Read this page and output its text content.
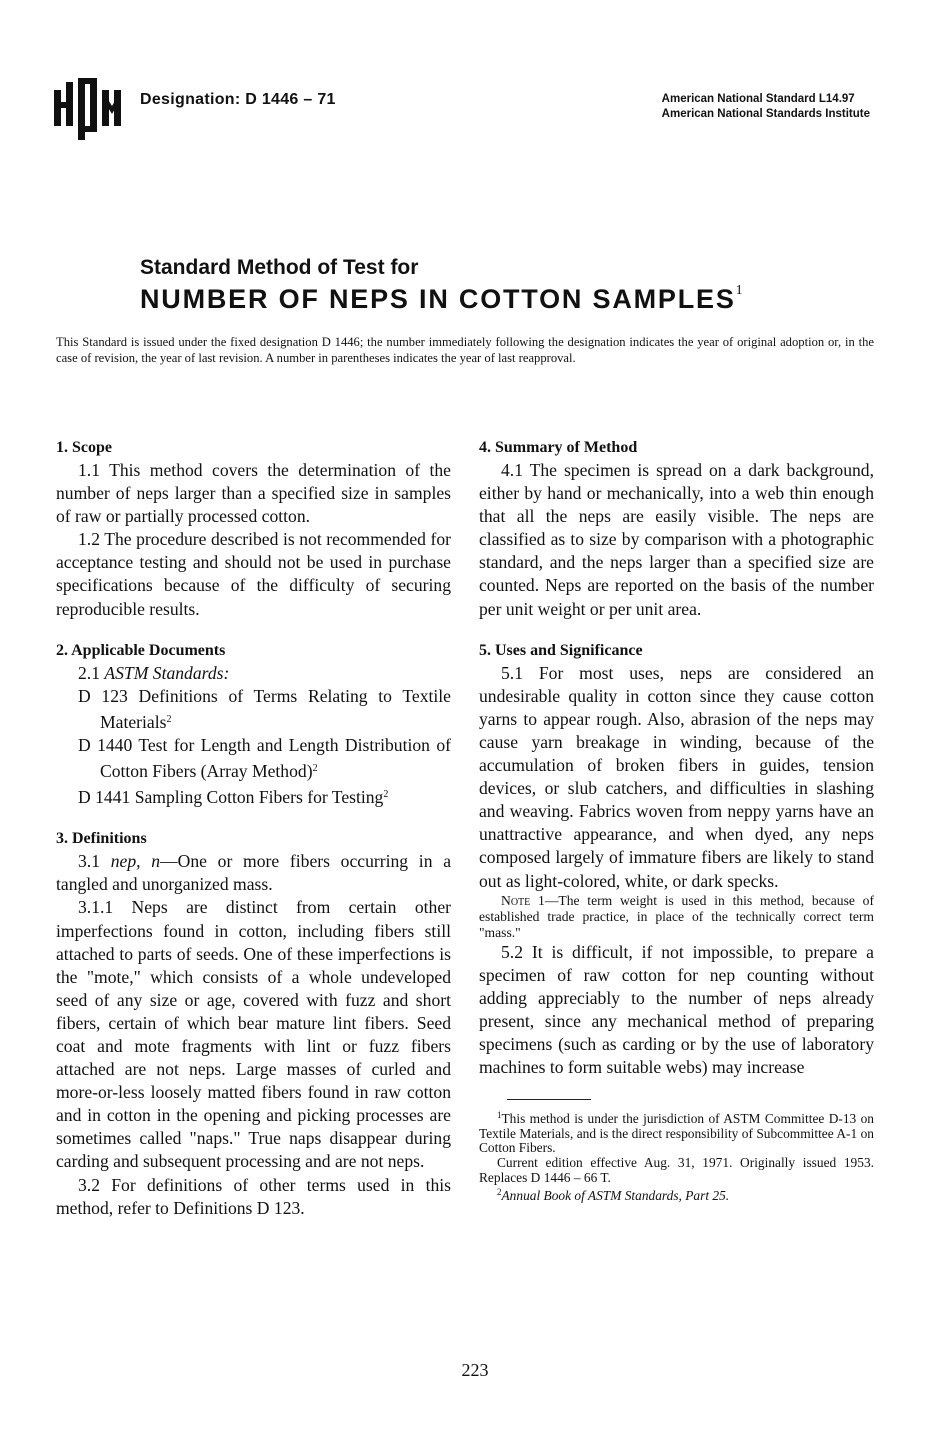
Designation: D 1446 – 71	American National Standard L14.97
American National Standards Institute
Standard Method of Test for
NUMBER OF NEPS IN COTTON SAMPLES$^1$
This Standard is issued under the fixed designation D 1446; the number immediately following the designation indicates the year of original adoption or, in the case of revision, the year of last revision. A number in parentheses indicates the year of last reapproval.
1. Scope

1.1 This method covers the determination of the number of neps larger than a specified size in samples of raw or partially processed cotton.

1.2 The procedure described is not recommended for acceptance testing and should not be used in purchase specifications because of the difficulty of securing reproducible results.

2. Applicable Documents

2.1 ASTM Standards:

D 123 Definitions of Terms Relating to Textile Materials$^2$

D 1440 Test for Length and Length Distribution of Cotton Fibers (Array Method)$^2$

D 1441 Sampling Cotton Fibers for Testing$^2$

3. Definitions

3.1 nep, n—One or more fibers occurring in a tangled and unorganized mass.

3.1.1 Neps are distinct from certain other imperfections found in cotton, including fibers still attached to parts of seeds. One of these imperfections is the "mote," which consists of a whole undeveloped seed of any size or age, covered with fuzz and short fibers, certain of which bear mature lint fibers. Seed coat and mote fragments with lint or fuzz fibers attached are not neps. Large masses of curled and more-or-less loosely matted fibers found in raw cotton and in cotton in the opening and picking processes are sometimes called "naps." True naps disappear during carding and subsequent processing and are not neps.

3.2 For definitions of other terms used in this method, refer to Definitions D 123.

4. Summary of Method

4.1 The specimen is spread on a dark background, either by hand or mechanically, into a web thin enough that all the neps are easily visible. The neps are classified as to size by comparison with a photographic standard, and the neps larger than a specified size are counted. Neps are reported on the basis of the number per unit weight or per unit area.

5. Uses and Significance

5.1 For most uses, neps are considered an undesirable quality in cotton since they cause cotton yarns to appear rough. Also, abrasion of the neps may cause yarn breakage in winding, because of the accumulation of broken fibers in guides, tension devices, or slub catchers, and difficulties in slashing and weaving. Fabrics woven from neppy yarns have an unattractive appearance, and when dyed, any neps composed largely of immature fibers are likely to stand out as light-colored, white, or dark specks.

Note 1—The term weight is used in this method, because of established trade practice, in place of the technically correct term "mass."

5.2 It is difficult, if not impossible, to prepare a specimen of raw cotton for nep counting without adding appreciably to the number of neps already present, since any mechanical method of preparing specimens (such as carding or by the use of laboratory machines to form suitable webs) may increase

$^1$This method is under the jurisdiction of ASTM Committee D-13 on Textile Materials, and is the direct responsibility of Subcommittee A-1 on Cotton Fibers.

Current edition effective Aug. 31, 1971. Originally issued 1953. Replaces D 1446 – 66 T.

$^2$Annual Book of ASTM Standards, Part 25.

223
